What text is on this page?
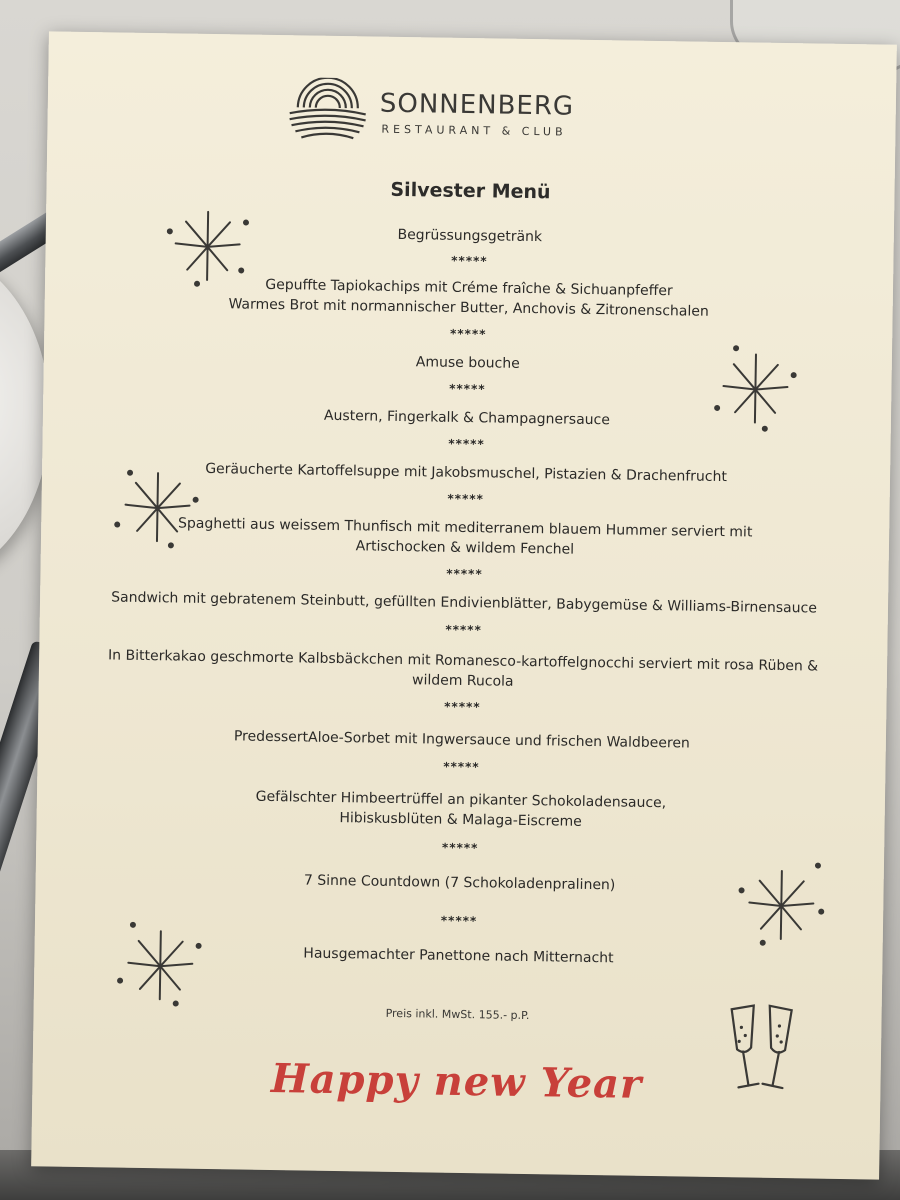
SONNENBERG
RESTAURANT & CLUB
Silvester Menü
Begrüssungsgetränk
*****
Gepuffte Tapiokachips mit Créme fraîche & Sichuanpfeffer
Warmes Brot mit normannischer Butter, Anchovis & Zitronenschalen
*****
Amuse bouche
*****
Austern, Fingerkalk & Champagnersauce
*****
Geräucherte Kartoffelsuppe mit Jakobsmuschel, Pistazien & Drachenfrucht
*****
Spaghetti aus weissem Thunfisch mit mediterranem blauem Hummer serviert mit
Artischocken & wildem Fenchel
*****
Sandwich mit gebratenem Steinbutt, gefüllten Endivienblätter, Babygemüse & Williams-Birnensauce
*****
In Bitterkakao geschmorte Kalbsbäckchen mit Romanesco-kartoffelgnocchi serviert mit rosa Rüben &
wildem Rucola
*****
PredessertAloe-Sorbet mit Ingwersauce und frischen Waldbeeren
*****
Gefälschter Himbeertrüffel an pikanter Schokoladensauce,
Hibiskusblüten & Malaga-Eiscreme
*****
7 Sinne Countdown (7 Schokoladenpralinen)
*****
Hausgemachter Panettone nach Mitternacht
Preis inkl. MwSt. 155.- p.P.
Happy new Year
